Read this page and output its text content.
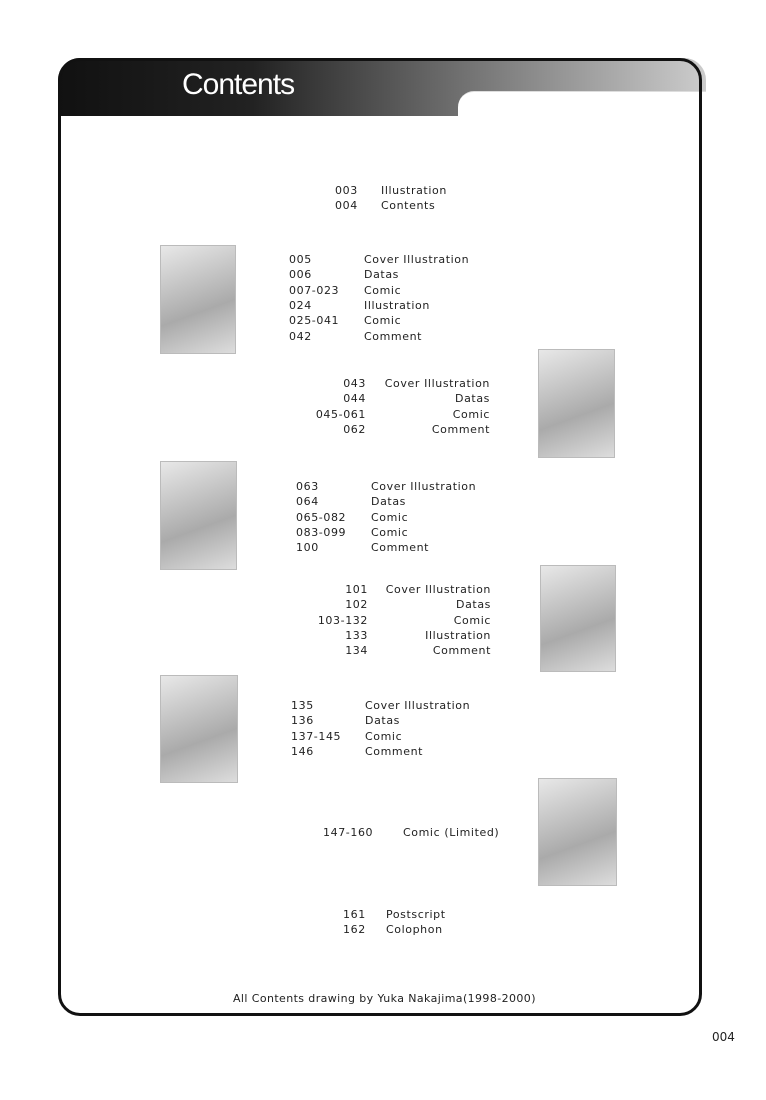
Contents
003 Illustration
004 Contents
005	Cover Illustration
006	Datas
007-023 Comic
024	Illustration
025-041 Comic
042	Comment
043 Cover Illustration
044	Datas
045-061	Comic
062	Comment
063	Cover Illustration
064	Datas
065-082 Comic
083-099 Comic
100	Comment
101 Cover Illustration
102	Datas
103-132	Comic
133	Illustration
134	Comment
135	Cover Illustration
136	Datas
137-145 Comic
146	Comment
147-160	Comic (Limited)
161 Postscript
162 Colophon
All Contents drawing by Yuka Nakajima(1998-2000)
004
